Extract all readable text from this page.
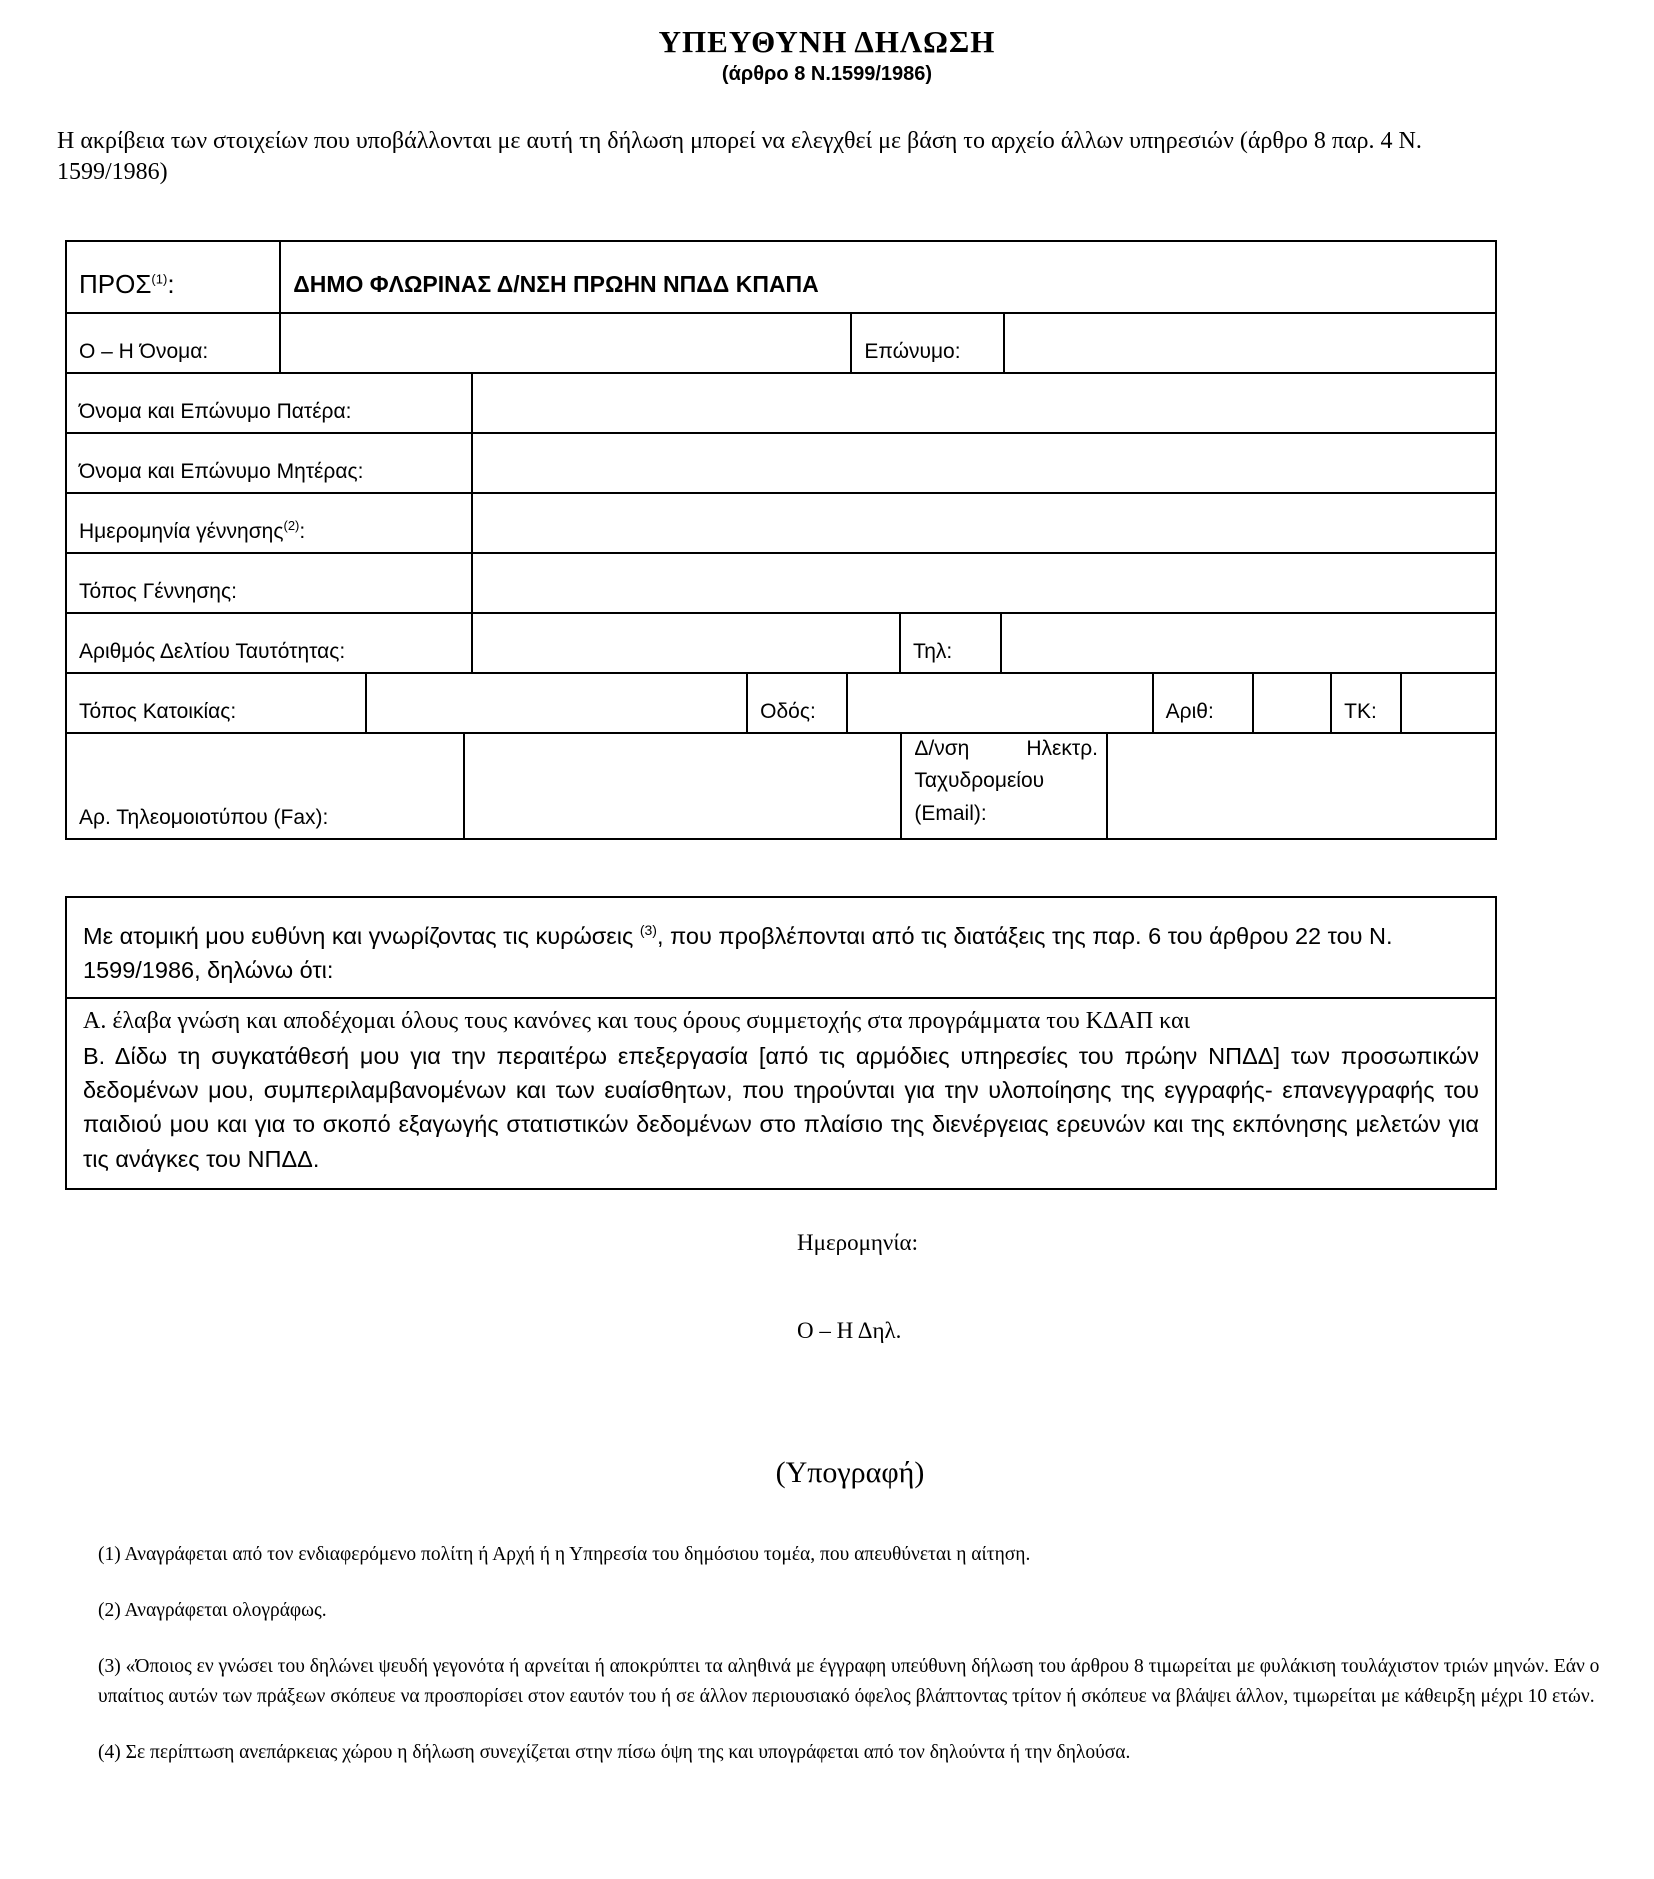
ΥΠΕΥΘΥΝΗ ΔΗΛΩΣΗ
(άρθρο 8 Ν.1599/1986)

Η ακρίβεια των στοιχείων που υποβάλλονται με αυτή τη δήλωση μπορεί να ελεγχθεί με βάση το αρχείο άλλων υπηρεσιών (άρθρο 8 παρ. 4 Ν. 1599/1986)

ΠΡΟΣ$^{(1)}$:	ΔΗΜΟ ΦΛΩΡΙΝΑΣ Δ/ΝΣΗ ΠΡΩΗΝ ΝΠΔΔ ΚΠΑΠΑ
Ο – Η Όνομα:	Επώνυμο:
Όνομα και Επώνυμο Πατέρα:
Όνομα και Επώνυμο Μητέρας:
Ημερομηνία γέννησης$^{(2)}$:
Τόπος Γέννησης:
Αριθμός Δελτίου Ταυτότητας:	Τηλ:
Τόπος Κατοικίας:	Οδός:	Αριθ:	ΤΚ:
Αρ. Τηλεομοιοτύπου (Fax):
Δ/νση Ηλεκτρ. Ταχυδρομείου (Email):

Με ατομική μου ευθύνη και γνωρίζοντας τις κυρώσεις $^{(3)}$, που προβλέπονται από τις διατάξεις της παρ. 6 του άρθρου 22 του Ν. 1599/1986, δηλώνω ότι:

Α. έλαβα γνώση και αποδέχομαι όλους τους κανόνες και τους όρους συμμετοχής στα προγράμματα του ΚΔΑΠ και

Β. Δίδω τη συγκατάθεσή μου για την περαιτέρω επεξεργασία [από τις αρμόδιες υπηρεσίες του πρώην ΝΠΔΔ] των προσωπικών δεδομένων μου, συμπεριλαμβανομένων και των ευαίσθητων, που τηρούνται για την υλοποίησης της εγγραφής- επανεγγραφής του παιδιού μου και για το σκοπό εξαγωγής στατιστικών δεδομένων στο πλαίσιο της διενέργειας ερευνών και της εκπόνησης μελετών για τις ανάγκες του ΝΠΔΔ.

Ημερομηνία:
Ο – Η Δηλ.
(Υπογραφή)

(1) Αναγράφεται από τον ενδιαφερόμενο πολίτη ή Αρχή ή η Υπηρεσία του δημόσιου τομέα, που απευθύνεται η αίτηση.

(2) Αναγράφεται ολογράφως.

(3) «Όποιος εν γνώσει του δηλώνει ψευδή γεγονότα ή αρνείται ή αποκρύπτει τα αληθινά με έγγραφη υπεύθυνη δήλωση του άρθρου 8 τιμωρείται με φυλάκιση τουλάχιστον τριών μηνών. Εάν ο υπαίτιος αυτών των πράξεων σκόπευε να προσπορίσει στον εαυτόν του ή σε άλλον περιουσιακό όφελος βλάπτοντας τρίτον ή σκόπευε να βλάψει άλλον, τιμωρείται με κάθειρξη μέχρι 10 ετών.

(4) Σε περίπτωση ανεπάρκειας χώρου η δήλωση συνεχίζεται στην πίσω όψη της και υπογράφεται από τον δηλούντα ή την δηλούσα.
